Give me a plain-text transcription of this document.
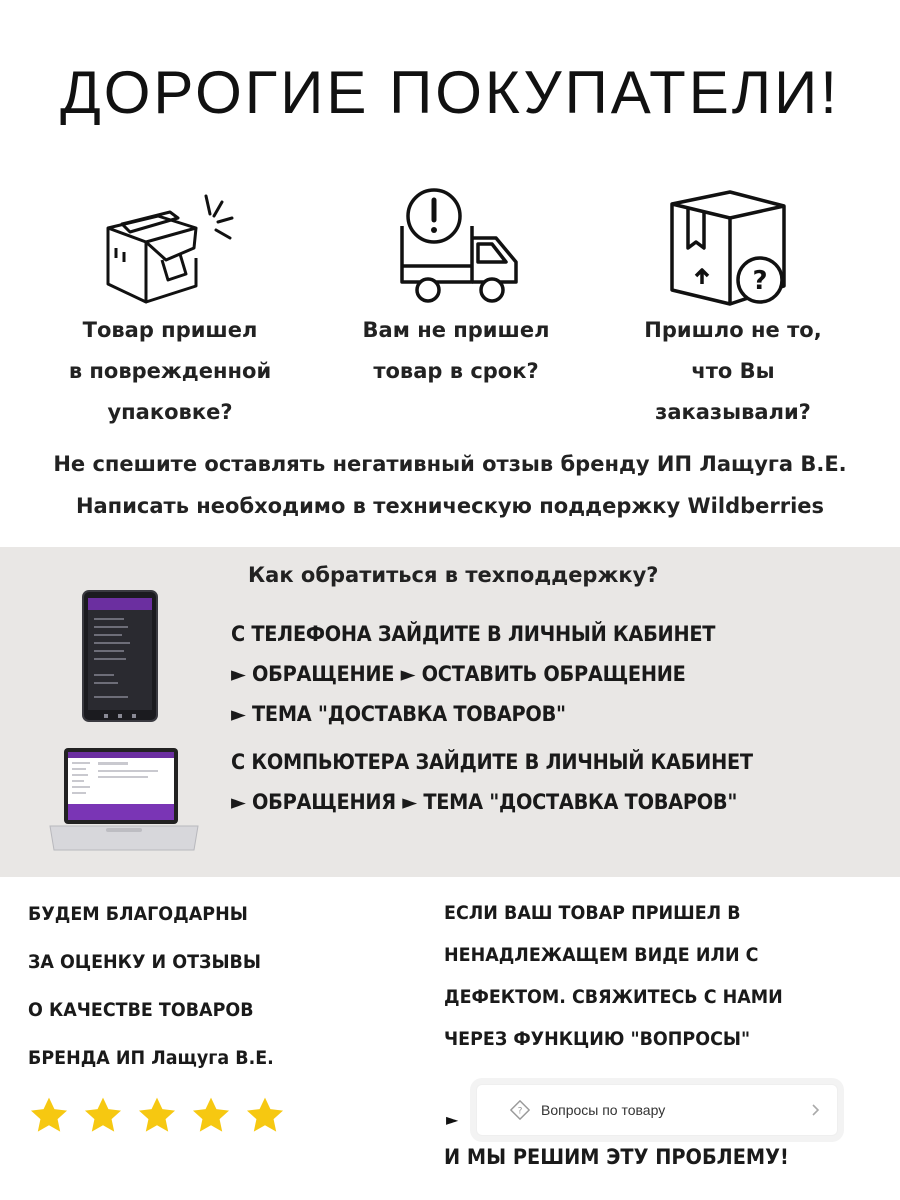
ДОРОГИЕ ПОКУПАТЕЛИ!
Товар пришел
в поврежденной
упаковке?
Вам не пришел
товар в срок?
?
Пришло не то,
что Вы
заказывали?
Не спешите оставлять негативный отзыв бренду ИП Лащуга В.Е.
Написать необходимо в техническую поддержку Wildberries
Как обратиться в техподдержку?
С ТЕЛЕФОНА ЗАЙДИТЕ В ЛИЧНЫЙ КАБИНЕТ
► ОБРАЩЕНИЕ ► ОСТАВИТЬ ОБРАЩЕНИЕ
► ТЕМА "ДОСТАВКА ТОВАРОВ"
С КОМПЬЮТЕРА ЗАЙДИТЕ В ЛИЧНЫЙ КАБИНЕТ
► ОБРАЩЕНИЯ ► ТЕМА "ДОСТАВКА ТОВАРОВ"
БУДЕМ БЛАГОДАРНЫ
ЗА ОЦЕНКУ И ОТЗЫВЫ
О КАЧЕСТВЕ ТОВАРОВ
БРЕНДА ИП Лащуга В.Е.
ЕСЛИ ВАШ ТОВАР ПРИШЕЛ В
НЕНАДЛЕЖАЩЕМ ВИДЕ ИЛИ С
ДЕФЕКТОМ. СВЯЖИТЕСЬ С НАМИ
ЧЕРЕЗ ФУНКЦИЮ "ВОПРОСЫ"
►	? Вопросы по товару
И МЫ РЕШИМ ЭТУ ПРОБЛЕМУ!
